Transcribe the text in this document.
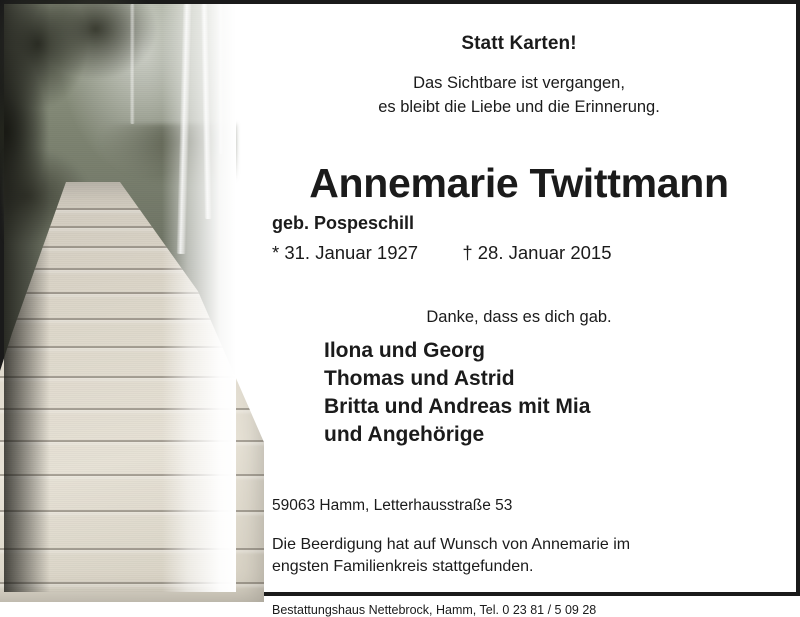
Statt Karten!
Das Sichtbare ist vergangen,
es bleibt die Liebe und die Erinnerung.
Annemarie Twittmann
geb. Pospeschill
* 31. Januar 1927 † 28. Januar 2015
Danke, dass es dich gab.
Ilona und Georg
Thomas und Astrid
Britta und Andreas mit Mia
und Angehörige
59063 Hamm, Letterhausstraße 53
Die Beerdigung hat auf Wunsch von Annemarie im
engsten Familienkreis stattgefunden.
Bestattungshaus Nettebrock, Hamm, Tel. 0 23 81 / 5 09 28
